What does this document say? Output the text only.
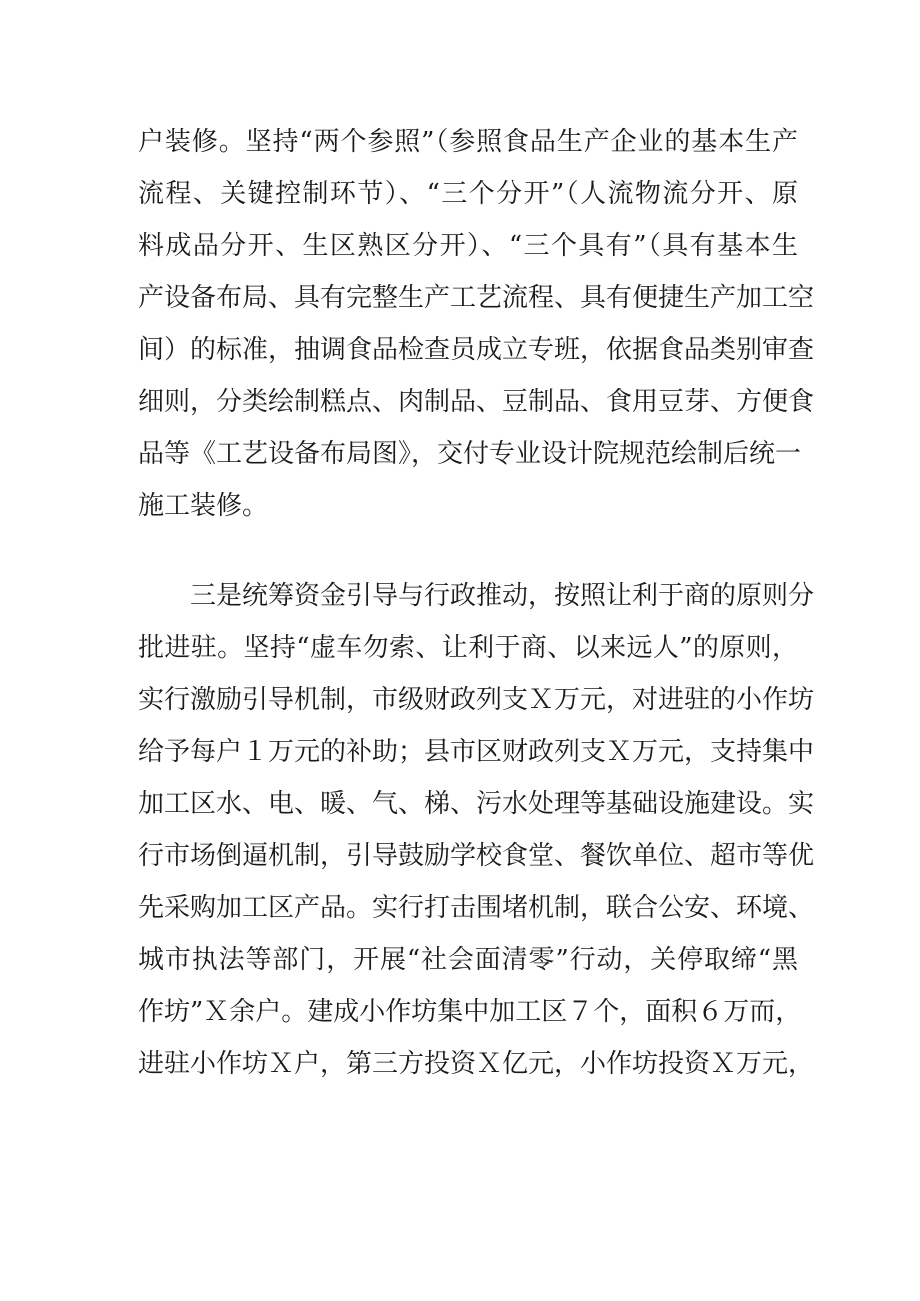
户装修。坚持“两个参照”（参照食品生产企业的基本生产
流程、关键控制环节）、“三个分开”（人流物流分开、原
料成品分开、生区熟区分开）、“三个具有”（具有基本生
产设备布局、具有完整生产工艺流程、具有便捷生产加工空
间）的标准，抽调食品检查员成立专班，依据食品类别审查
细则，分类绘制糕点、肉制品、豆制品、食用豆芽、方便食
品等《工艺设备布局图》，交付专业设计院规范绘制后统一
施工装修。
三是统筹资金引导与行政推动，按照让利于商的原则分
批进驻。坚持“虚车勿索、让利于商、以来远人”的原则，
实行激励引导机制，市级财政列支Ｘ万元，对进驻的小作坊
给予每户１万元的补助；县市区财政列支Ｘ万元，支持集中
加工区水、电、暖、气、梯、污水处理等基础设施建设。实
行市场倒逼机制，引导鼓励学校食堂、餐饮单位、超市等优
先采购加工区产品。实行打击围堵机制，联合公安、环境、
城市执法等部门，开展“社会面清零”行动，关停取缔“黑
作坊”Ｘ余户。建成小作坊集中加工区７个，面积６万而，
进驻小作坊Ｘ户，第三方投资Ｘ亿元，小作坊投资Ｘ万元，
